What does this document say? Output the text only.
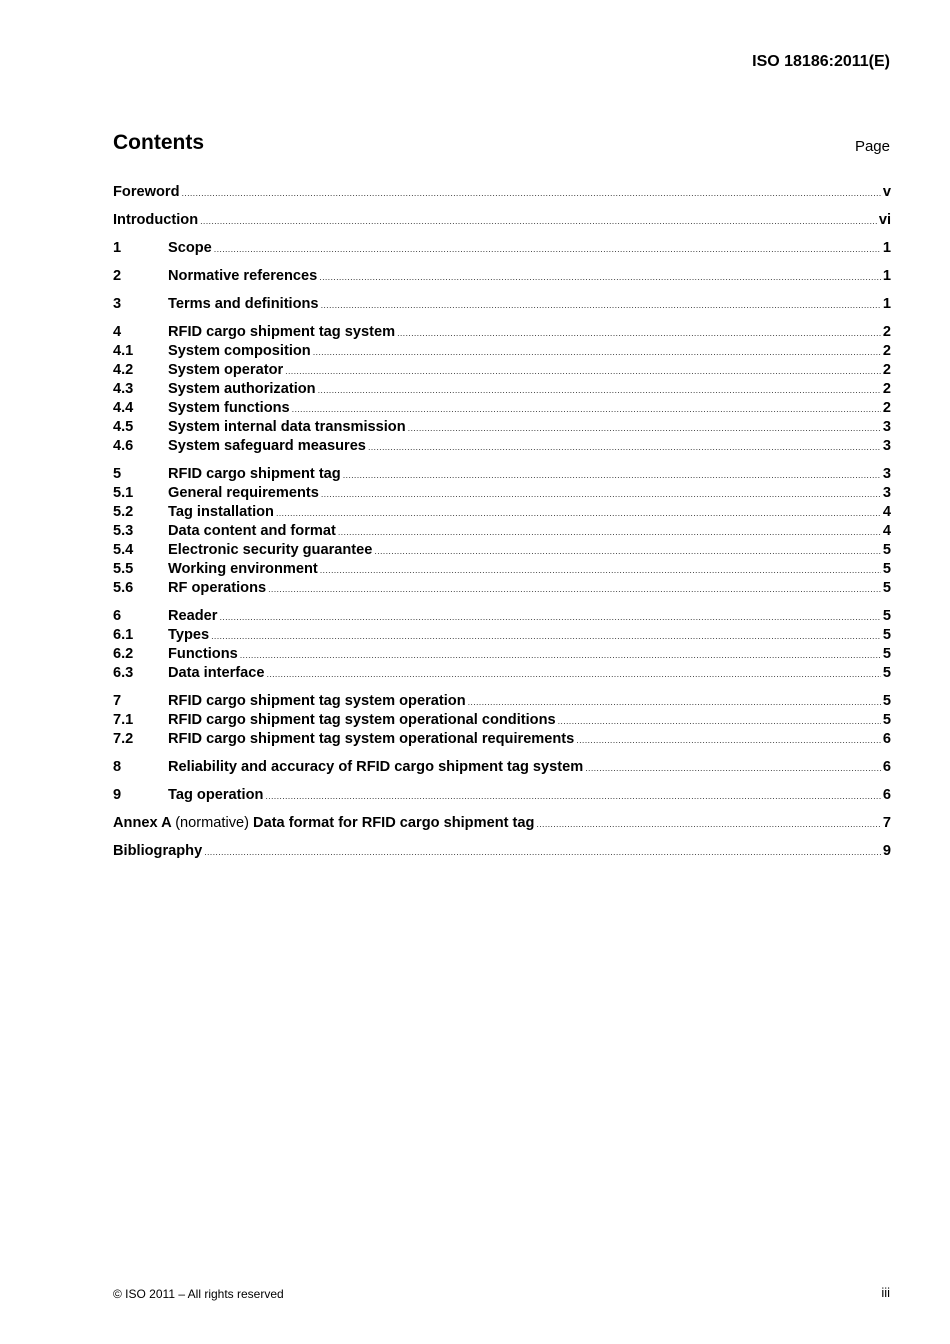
ISO 18186:2011(E)
Contents	Page
Foreword .....	v
Introduction .....	vi
1	Scope .....	1
2	Normative references .....	1
3	Terms and definitions .....	1
4	RFID cargo shipment tag system .....	2
4.1	System composition .....	2
4.2	System operator .....	2
4.3	System authorization .....	2
4.4	System functions .....	2
4.5	System internal data transmission .....	3
4.6	System safeguard measures .....	3
5	RFID cargo shipment tag .....	3
5.1	General requirements .....	3
5.2	Tag installation .....	4
5.3	Data content and format .....	4
5.4	Electronic security guarantee .....	5
5.5	Working environment .....	5
5.6	RF operations .....	5
6	Reader .....	5
6.1	Types .....	5
6.2	Functions .....	5
6.3	Data interface .....	5
7	RFID cargo shipment tag system operation .....	5
7.1	RFID cargo shipment tag system operational conditions .....	5
7.2	RFID cargo shipment tag system operational requirements .....	6
8	Reliability and accuracy of RFID cargo shipment tag system .....	6
9	Tag operation .....	6
Annex A (normative) Data format for RFID cargo shipment tag .....	7
Bibliography .....	9
© ISO 2011 – All rights reserved	iii
